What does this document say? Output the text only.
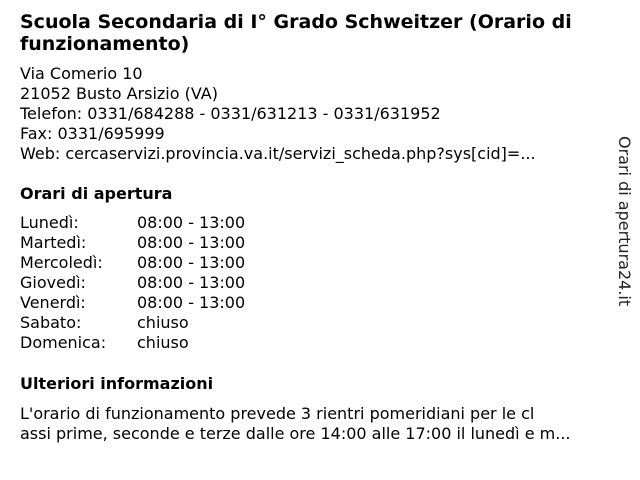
Scuola Secondaria di I° Grado Schweitzer (Orario di funzionamento)
Via Comerio 10
21052 Busto Arsizio (VA)
Telefon: 0331/684288 - 0331/631213 - 0331/631952
Fax: 0331/695999
Web: cercaservizi.provincia.va.it/servizi_scheda.php?sys[cid]=...
Orari di apertura
Lunedì:	08:00 - 13:00
Martedì:	08:00 - 13:00
Mercoledì:	08:00 - 13:00
Giovedì:	08:00 - 13:00
Venerdì:	08:00 - 13:00
Sabato:	chiuso
Domenica:	chiuso
Ulteriori informazioni
L'orario di funzionamento prevede 3 rientri pomeridiani per le cl
assi prime, seconde e terze dalle ore 14:00 alle 17:00 il lunedì e m...
Orari di apertura24.it
